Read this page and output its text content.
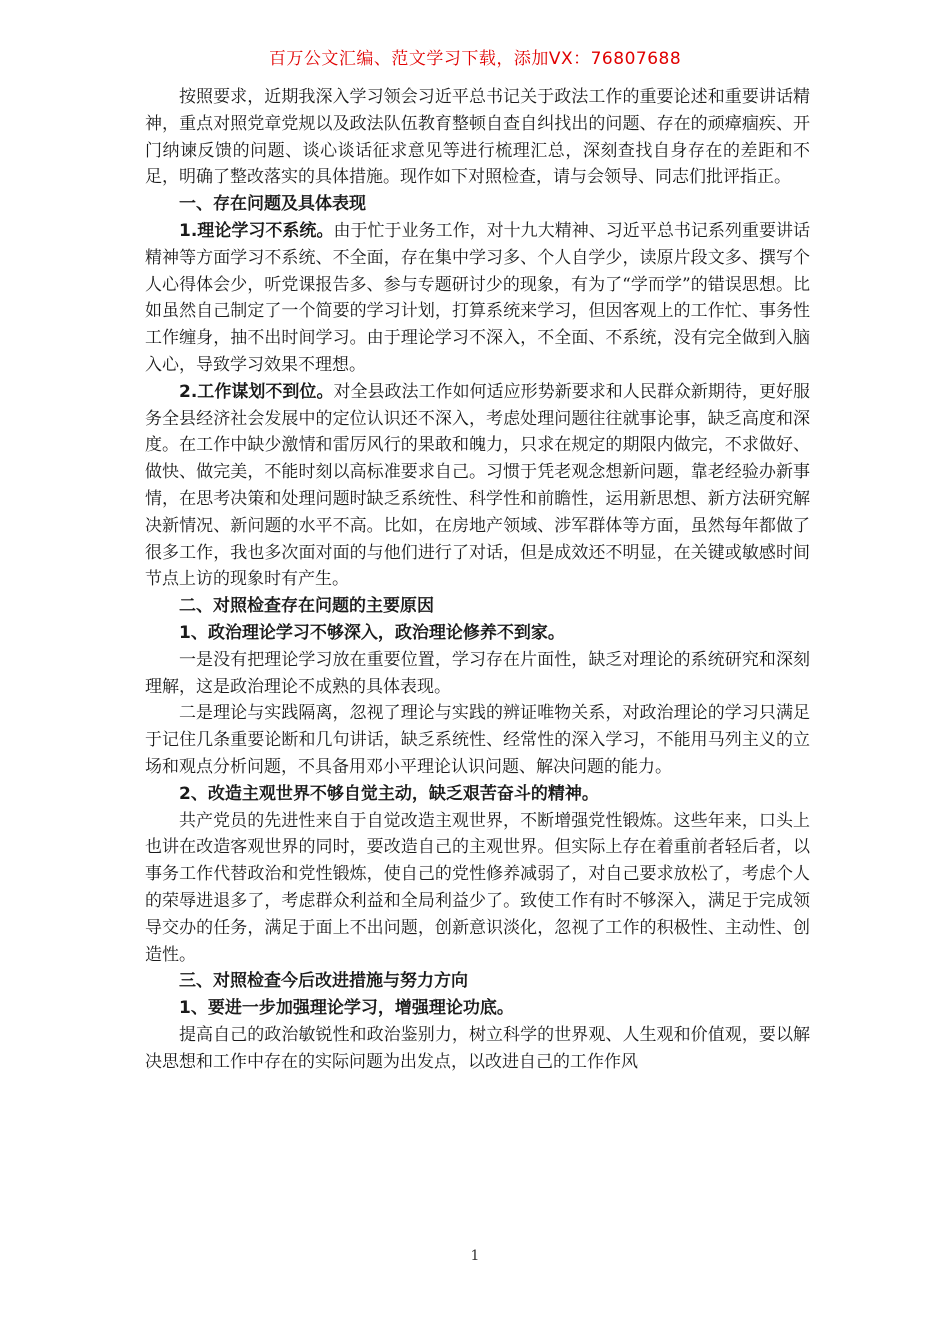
百万公文汇编、范文学习下载，添加VX：76807688

按照要求，近期我深入学习领会习近平总书记关于政法工作的重要论述和重要讲话精神，重点对照党章党规以及政法队伍教育整顿自查自纠找出的问题、存在的顽瘴痼疾、开门纳谏反馈的问题、谈心谈话征求意见等进行梳理汇总，深刻查找自身存在的差距和不足，明确了整改落实的具体措施。现作如下对照检查，请与会领导、同志们批评指正。

一、存在问题及具体表现

1.理论学习不系统。由于忙于业务工作，对十九大精神、习近平总书记系列重要讲话精神等方面学习不系统、不全面，存在集中学习多、个人自学少，读原片段文多、撰写个人心得体会少，听党课报告多、参与专题研讨少的现象，有为了“学而学”的错误思想。比如虽然自己制定了一个简要的学习计划，打算系统来学习，但因客观上的工作忙、事务性工作缠身，抽不出时间学习。由于理论学习不深入，不全面、不系统，没有完全做到入脑入心，导致学习效果不理想。

2.工作谋划不到位。对全县政法工作如何适应形势新要求和人民群众新期待，更好服务全县经济社会发展中的定位认识还不深入，考虑处理问题往往就事论事，缺乏高度和深度。在工作中缺少激情和雷厉风行的果敢和魄力，只求在规定的期限内做完，不求做好、做快、做完美，不能时刻以高标准要求自己。习惯于凭老观念想新问题，靠老经验办新事情，在思考决策和处理问题时缺乏系统性、科学性和前瞻性，运用新思想、新方法研究解决新情况、新问题的水平不高。比如，在房地产领域、涉军群体等方面，虽然每年都做了很多工作，我也多次面对面的与他们进行了对话，但是成效还不明显，在关键或敏感时间节点上访的现象时有产生。

二、对照检查存在问题的主要原因

1、政治理论学习不够深入，政治理论修养不到家。

一是没有把理论学习放在重要位置，学习存在片面性，缺乏对理论的系统研究和深刻理解，这是政治理论不成熟的具体表现。

二是理论与实践隔离，忽视了理论与实践的辨证唯物关系，对政治理论的学习只满足于记住几条重要论断和几句讲话，缺乏系统性、经常性的深入学习，不能用马列主义的立场和观点分析问题，不具备用邓小平理论认识问题、解决问题的能力。

2、改造主观世界不够自觉主动，缺乏艰苦奋斗的精神。

共产党员的先进性来自于自觉改造主观世界，不断增强党性锻炼。这些年来，口头上也讲在改造客观世界的同时，要改造自己的主观世界。但实际上存在着重前者轻后者，以事务工作代替政治和党性锻炼，使自己的党性修养减弱了，对自己要求放松了，考虑个人的荣辱进退多了，考虑群众利益和全局利益少了。致使工作有时不够深入，满足于完成领导交办的任务，满足于面上不出问题，创新意识淡化，忽视了工作的积极性、主动性、创造性。

三、对照检查今后改进措施与努力方向

1、要进一步加强理论学习，增强理论功底。

提高自己的政治敏锐性和政治鉴别力，树立科学的世界观、人生观和价值观，要以解决思想和工作中存在的实际问题为出发点，以改进自己的工作作风

1
